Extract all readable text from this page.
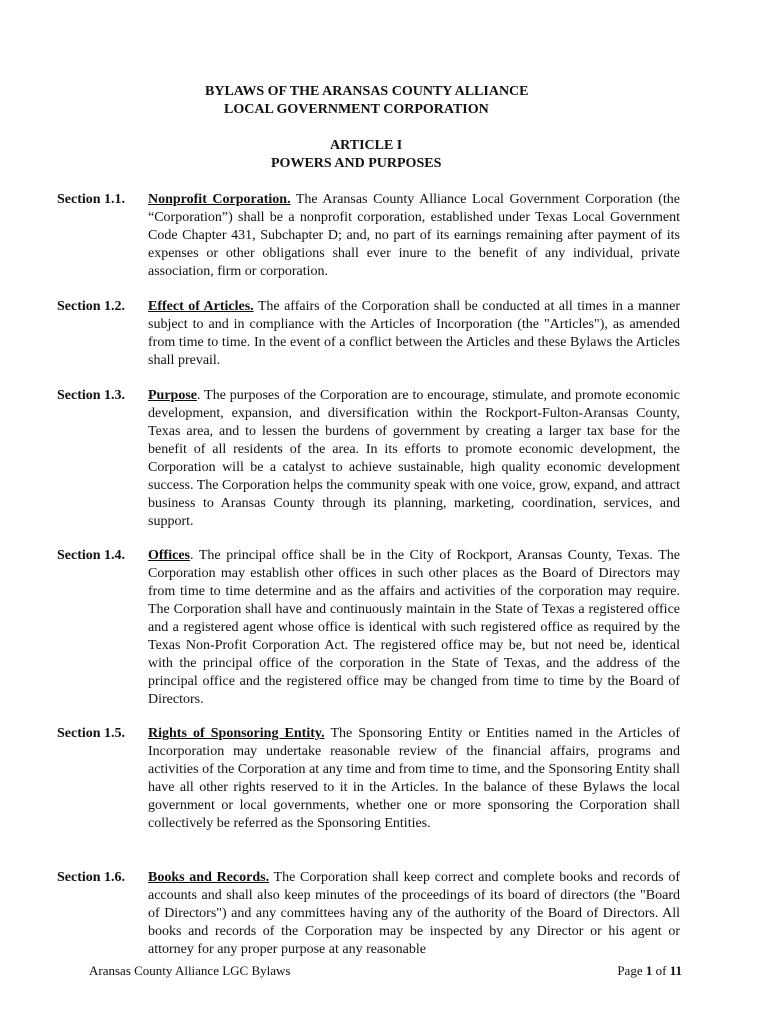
BYLAWS OF THE ARANSAS COUNTY ALLIANCE
LOCAL GOVERNMENT CORPORATION
ARTICLE I
POWERS AND PURPOSES
Section 1.1. Nonprofit Corporation. The Aransas County Alliance Local Government Corporation (the “Corporation”) shall be a nonprofit corporation, established under Texas Local Government Code Chapter 431, Subchapter D; and, no part of its earnings remaining after payment of its expenses or other obligations shall ever inure to the benefit of any individual, private association, firm or corporation.
Section 1.2. Effect of Articles. The affairs of the Corporation shall be conducted at all times in a manner subject to and in compliance with the Articles of Incorporation (the "Articles"), as amended from time to time. In the event of a conflict between the Articles and these Bylaws the Articles shall prevail.
Section 1.3. Purpose. The purposes of the Corporation are to encourage, stimulate, and promote economic development, expansion, and diversification within the Rockport-Fulton-Aransas County, Texas area, and to lessen the burdens of government by creating a larger tax base for the benefit of all residents of the area. In its efforts to promote economic development, the Corporation will be a catalyst to achieve sustainable, high quality economic development success. The Corporation helps the community speak with one voice, grow, expand, and attract business to Aransas County through its planning, marketing, coordination, services, and support.
Section 1.4. Offices. The principal office shall be in the City of Rockport, Aransas County, Texas. The Corporation may establish other offices in such other places as the Board of Directors may from time to time determine and as the affairs and activities of the corporation may require. The Corporation shall have and continuously maintain in the State of Texas a registered office and a registered agent whose office is identical with such registered office as required by the Texas Non-Profit Corporation Act. The registered office may be, but not need be, identical with the principal office of the corporation in the State of Texas, and the address of the principal office and the registered office may be changed from time to time by the Board of Directors.
Section 1.5. Rights of Sponsoring Entity. The Sponsoring Entity or Entities named in the Articles of Incorporation may undertake reasonable review of the financial affairs, programs and activities of the Corporation at any time and from time to time, and the Sponsoring Entity shall have all other rights reserved to it in the Articles. In the balance of these Bylaws the local government or local governments, whether one or more sponsoring the Corporation shall collectively be referred as the Sponsoring Entities.
Section 1.6. Books and Records. The Corporation shall keep correct and complete books and records of accounts and shall also keep minutes of the proceedings of its board of directors (the "Board of Directors") and any committees having any of the authority of the Board of Directors. All books and records of the Corporation may be inspected by any Director or his agent or attorney for any proper purpose at any reasonable
Aransas County Alliance LGC Bylaws	Page 1 of 11
